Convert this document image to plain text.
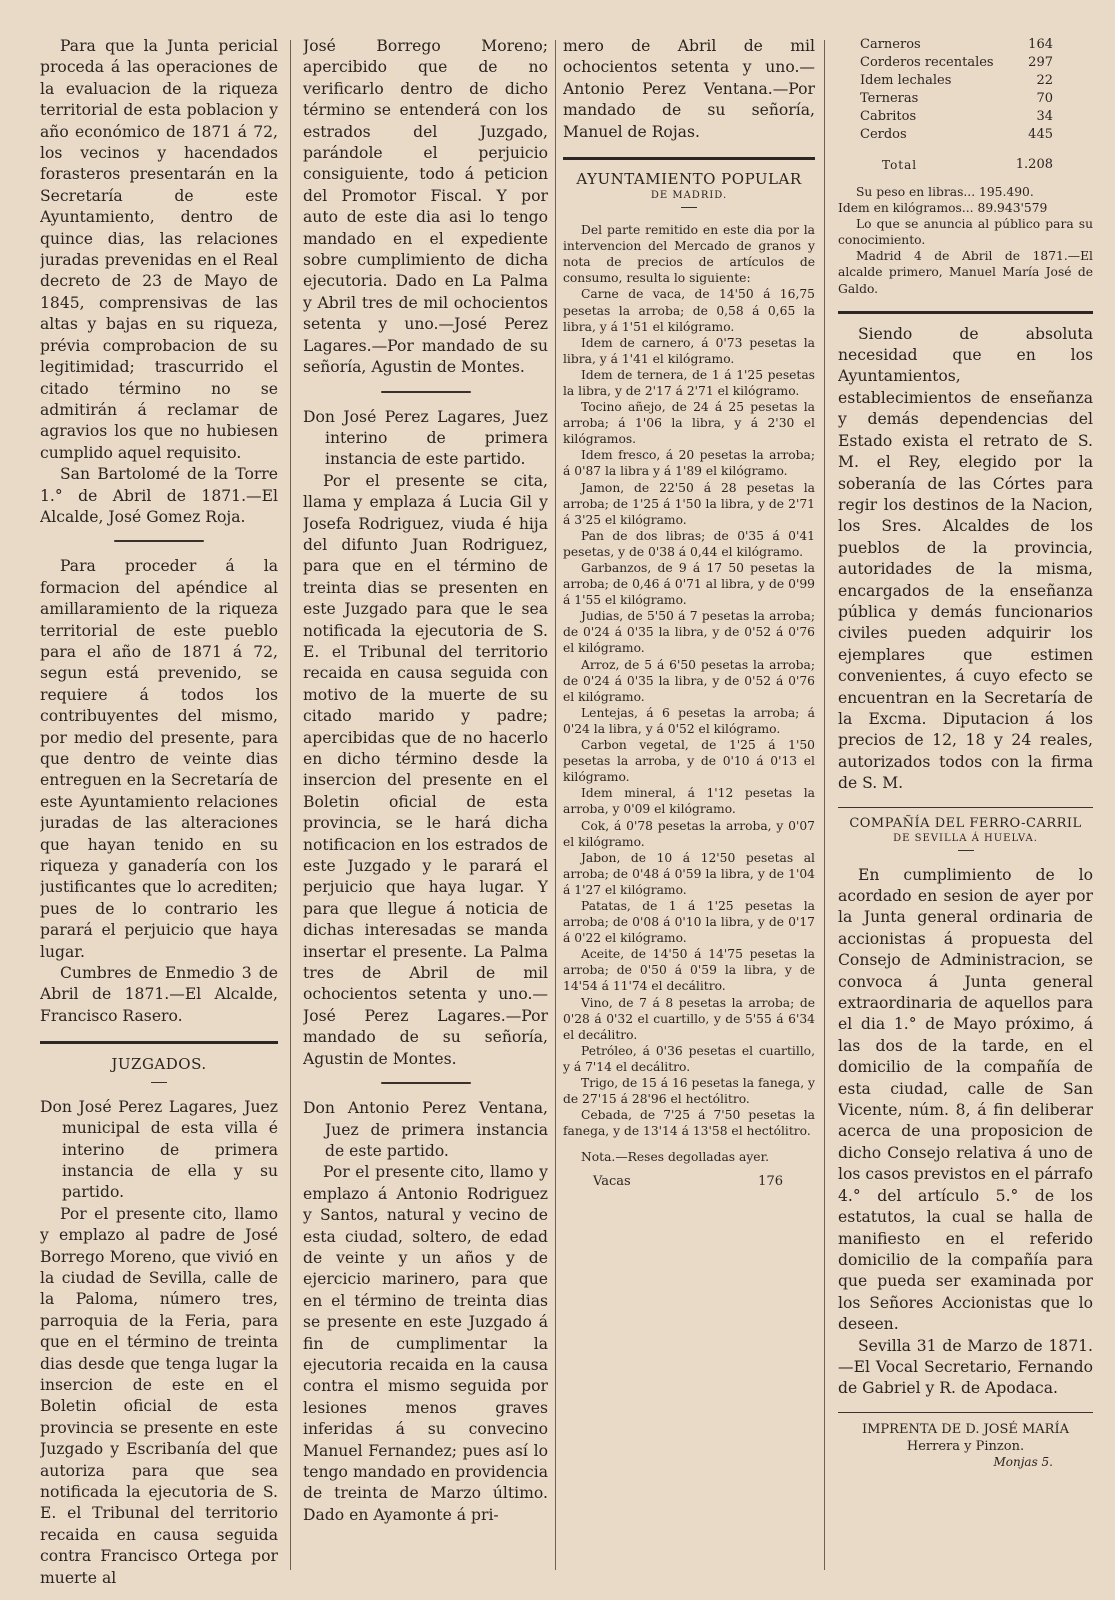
Para que la Junta pericial proceda á las operaciones de la evaluacion de la riqueza territorial de esta poblacion y año económico de 1871 á 72, los vecinos y hacendados forasteros presentarán en la Secretaría de este Ayuntamiento, dentro de quince dias, las relaciones juradas prevenidas en el Real decreto de 23 de Mayo de 1845, comprensivas de las altas y bajas en su riqueza, prévia comprobacion de su legitimidad; trascurrido el citado término no se admitirán á reclamar de agravios los que no hubiesen cumplido aquel requisito.

San Bartolomé de la Torre 1.° de Abril de 1871.—El Alcalde, José Gomez Roja.

Para proceder á la formacion del apéndice al amillaramiento de la riqueza territorial de este pueblo para el año de 1871 á 72, segun está prevenido, se requiere á todos los contribuyentes del mismo, por medio del presente, para que dentro de veinte dias entreguen en la Secretaría de este Ayuntamiento relaciones juradas de las alteraciones que hayan tenido en su riqueza y ganadería con los justificantes que lo acrediten; pues de lo contrario les parará el perjuicio que haya lugar.

Cumbres de Enmedio 3 de Abril de 1871.—El Alcalde, Francisco Rasero.

JUZGADOS.

Don José Perez Lagares, Juez municipal de esta villa é interino de primera instancia de ella y su partido.

Por el presente cito, llamo y emplazo al padre de José Borrego Moreno, que vivió en la ciudad de Sevilla, calle de la Paloma, número tres, parroquia de la Feria, para que en el término de treinta dias desde que tenga lugar la insercion de este en el Boletin oficial de esta provincia se presente en este Juzgado y Escribanía del que autoriza para que sea notificada la ejecutoria de S. E. el Tribunal del territorio recaida en causa seguida contra Francisco Ortega por muerte al

José Borrego Moreno; apercibido que de no verificarlo dentro de dicho término se entenderá con los estrados del Juzgado, parándole el perjuicio consiguiente, todo á peticion del Promotor Fiscal. Y por auto de este dia asi lo tengo mandado en el expediente sobre cumplimiento de dicha ejecutoria. Dado en La Palma y Abril tres de mil ochocientos setenta y uno.—José Perez Lagares.—Por mandado de su señoría, Agustin de Montes.

Don José Perez Lagares, Juez interino de primera instancia de este partido.

Por el presente se cita, llama y emplaza á Lucia Gil y Josefa Rodriguez, viuda é hija del difunto Juan Rodriguez, para que en el término de treinta dias se presenten en este Juzgado para que le sea notificada la ejecutoria de S. E. el Tribunal del territorio recaida en causa seguida con motivo de la muerte de su citado marido y padre; apercibidas que de no hacerlo en dicho término desde la insercion del presente en el Boletin oficial de esta provincia, se le hará dicha notificacion en los estrados de este Juzgado y le parará el perjuicio que haya lugar. Y para que llegue á noticia de dichas interesadas se manda insertar el presente. La Palma tres de Abril de mil ochocientos setenta y uno.—José Perez Lagares.—Por mandado de su señoría, Agustin de Montes.

Don Antonio Perez Ventana, Juez de primera instancia de este partido.

Por el presente cito, llamo y emplazo á Antonio Rodriguez y Santos, natural y vecino de esta ciudad, soltero, de edad de veinte y un años y de ejercicio marinero, para que en el término de treinta dias se presente en este Juzgado á fin de cumplimentar la ejecutoria recaida en la causa contra el mismo seguida por lesiones menos graves inferidas á su convecino Manuel Fernandez; pues así lo tengo mandado en providencia de treinta de Marzo último. Dado en Ayamonte á pri-

mero de Abril de mil ochocientos setenta y uno.—Antonio Perez Ventana.—Por mandado de su señoría, Manuel de Rojas.

AYUNTAMIENTO POPULAR
DE MADRID.

Del parte remitido en este dia por la intervencion del Mercado de granos y nota de precios de artículos de consumo, resulta lo siguiente:

Carne de vaca, de 14'50 á 16,75 pesetas la arroba; de 0,58 á 0,65 la libra, y á 1'51 el kilógramo.

Idem de carnero, á 0'73 pesetas la libra, y á 1'41 el kilógramo.

Idem de ternera, de 1 á 1'25 pesetas la libra, y de 2'17 á 2'71 el kilógramo.

Tocino añejo, de 24 á 25 pesetas la arroba; á 1'06 la libra, y á 2'30 el kilógramos.

Idem fresco, á 20 pesetas la arroba; á 0'87 la libra y á 1'89 el kilógramo.

Jamon, de 22'50 á 28 pesetas la arroba; de 1'25 á 1'50 la libra, y de 2'71 á 3'25 el kilógramo.

Pan de dos libras; de 0'35 á 0'41 pesetas, y de 0'38 á 0,44 el kilógramo.

Garbanzos, de 9 á 17 50 pesetas la arroba; de 0,46 á 0'71 al libra, y de 0'99 á 1'55 el kilógramo.

Judias, de 5'50 á 7 pesetas la arroba; de 0'24 á 0'35 la libra, y de 0'52 á 0'76 el kilógramo.

Arroz, de 5 á 6'50 pesetas la arroba; de 0'24 á 0'35 la libra, y de 0'52 á 0'76 el kilógramo.

Lentejas, á 6 pesetas la arroba; á 0'24 la libra, y á 0'52 el kilógramo.

Carbon vegetal, de 1'25 á 1'50 pesetas la arroba, y de 0'10 á 0'13 el kilógramo.

Idem mineral, á 1'12 pesetas la arroba, y 0'09 el kilógramo.

Cok, á 0'78 pesetas la arroba, y 0'07 el kilógramo.

Jabon, de 10 á 12'50 pesetas al arroba; de 0'48 á 0'59 la libra, y de 1'04 á 1'27 el kilógramo.

Patatas, de 1 á 1'25 pesetas la arroba; de 0'08 á 0'10 la libra, y de 0'17 á 0'22 el kilógramo.

Aceite, de 14'50 á 14'75 pesetas la arroba; de 0'50 á 0'59 la libra, y de 14'54 á 11'74 el decálitro.

Vino, de 7 á 8 pesetas la arroba; de 0'28 á 0'32 el cuartillo, y de 5'55 á 6'34 el decálitro.

Petróleo, á 0'36 pesetas el cuartillo, y á 7'14 el decálitro.

Trigo, de 15 á 16 pesetas la fanega, y de 27'15 á 28'96 el hectólitro.

Cebada, de 7'25 á 7'50 pesetas la fanega, y de 13'14 á 13'58 el hectólitro.

Nota.—Reses degolladas ayer.

Vacas	176
Carneros	164
Corderos recentales	297
Idem lechales	22
Terneras	70
Cabritos	34
Cerdos	445
Total	1.208

Su peso en libras... 195.490.

Idem en kilógramos... 89.943'579

Lo que se anuncia al público para su conocimiento.

Madrid 4 de Abril de 1871.—El alcalde primero, Manuel María José de Galdo.

Siendo de absoluta necesidad que en los Ayuntamientos, establecimientos de enseñanza y demás dependencias del Estado exista el retrato de S. M. el Rey, elegido por la soberanía de las Córtes para regir los destinos de la Nacion, los Sres. Alcaldes de los pueblos de la provincia, autoridades de la misma, encargados de la enseñanza pública y demás funcionarios civiles pueden adquirir los ejemplares que estimen convenientes, á cuyo efecto se encuentran en la Secretaría de la Excma. Diputacion á los precios de 12, 18 y 24 reales, autorizados todos con la firma de S. M.

COMPAÑÍA DEL FERRO-CARRIL
DE SEVILLA Á HUELVA.

En cumplimiento de lo acordado en sesion de ayer por la Junta general ordinaria de accionistas á propuesta del Consejo de Administracion, se convoca á Junta general extraordinaria de aquellos para el dia 1.° de Mayo próximo, á las dos de la tarde, en el domicilio de la compañía de esta ciudad, calle de San Vicente, núm. 8, á fin deliberar acerca de una proposicion de dicho Consejo relativa á uno de los casos previstos en el párrafo 4.° del artículo 5.° de los estatutos, la cual se halla de manifiesto en el referido domicilio de la compañía para que pueda ser examinada por los Señores Accionistas que lo deseen.

Sevilla 31 de Marzo de 1871.—El Vocal Secretario, Fernando de Gabriel y R. de Apodaca.

IMPRENTA DE D. JOSÉ MARÍA Herrera y Pinzon.

Monjas 5.
